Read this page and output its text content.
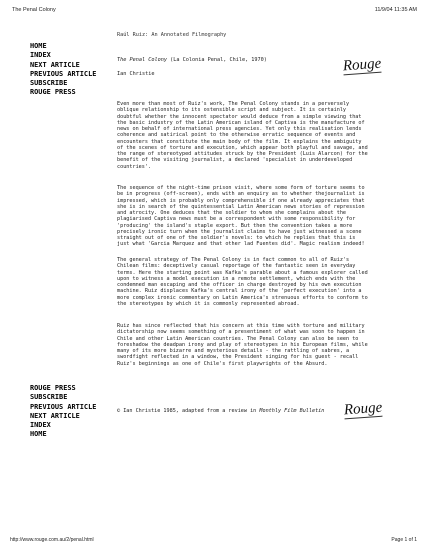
The Penal Colony	11/9/04 11:35 AM
HOME
INDEX
NEXT ARTICLE
PREVIOUS ARTICLE
SUBSCRIBE
ROUGE PRESS
Raúl Ruiz: An Annotated Filmography
The Penal Colony (La Colonia Penal, Chile, 1970)
Ian Christie	Rouge

Even more than most of Ruiz's work, The Penal Colony stands in a perversely oblique relationship to its ostensible script and subject. It is certainly doubtful whether the innocent spectator would deduce from a simple viewing that the basic industry of the Latin American island of Captiva is the manufacture of news on behalf of international press agencies. Yet only this realisation lends coherence and satirical point to the otherwise erratic sequence of events and encounters that constitute the main body of the film. It explains the ambiguity of the scenes of torture and execution, which appear both playful and savage, and the range of stereotyped attitudes struck by the President (Luis Alarcon) for the benefit of the visiting journalist, a declared 'specialist in underdeveloped countries'.

The sequence of the night-time prison visit, where some form of torture seems to be in progress (off-screen), ends with an enquiry as to whether thejournalist is impressed, which is probably only comprehensible if one already appreciates that she is in search of the quintessential Latin American news stories of repression and atrocity. One deduces that the soldier to whom she complains about the plagiarised Captiva news must be a correspondent with some responsibility for 'producing' the island's staple export. But then the convention takes a more precisely ironic turn when the journalist claims to have just witnessed a scene straight out of one of the soldier's novels: to which he replies that this is just what 'Garcia Marquez and that other lad Fuentes did'. Magic realism indeed!

The general strategy of The Penal Colony is in fact common to all of Ruiz's Chilean films: deceptively casual reportage of the fantastic seen in everyday terms. Here the starting point was Kafka's parable about a famous explorer called upon to witness a model execution in a remote settlement, which ends with the condemned man escaping and the officer in charge destroyed by his own execution machine. Ruiz displaces Kafka's central irony of the 'perfect execution' into a more complex ironic commentary on Latin America's strenuous efforts to conform to the stereotypes by which it is commonly represented abroad.

Ruiz has since reflected that his concern at this time with torture and military dictatorship now seems something of a presentiment of what was soon to happen in Chile and other Latin American countries. The Penal Colony can also be seen to foreshadow the deadpan irony and play of stereotypes in his European films, while many of its more bizarre and mysterious details - the rattling of sabres, a swordfight reflected in a window, the President singing for his guest - recall Ruiz's beginnings as one of Chile's first playwrights of the Absurd.

ROUGE PRESS
SUBSCRIBE
PREVIOUS ARTICLE
NEXT ARTICLE
INDEX
HOME
© Ian Christie 1985, adapted from a review in Monthly Film Bulletin	Rouge
http://www.rouge.com.au/2/penal.html	Page 1 of 1
